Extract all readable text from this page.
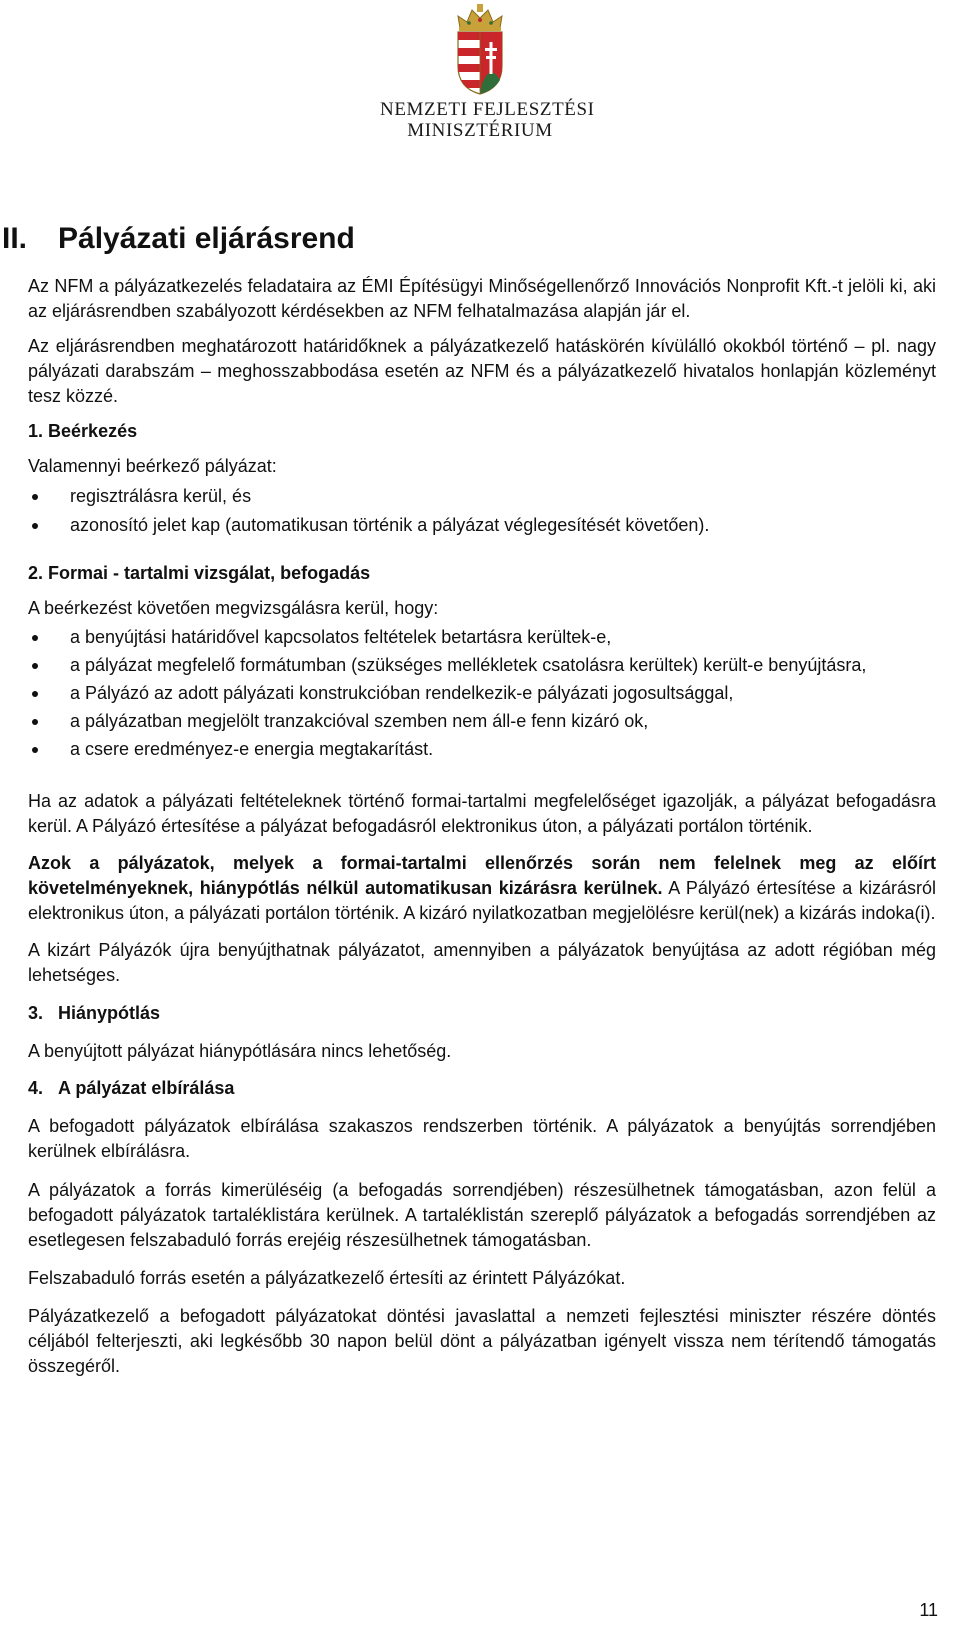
NEMZETI FEJLESZTÉSI
MINISZTÉRIUM
II. Pályázati eljárásrend

Az NFM a pályázatkezelés feladataira az ÉMI Építésügyi Minőségellenőrző Innovációs Nonprofit Kft.-t jelöli ki, aki az eljárásrendben szabályozott kérdésekben az NFM felhatalmazása alapján jár el.

Az eljárásrendben meghatározott határidőknek a pályázatkezelő hatáskörén kívülálló okokból történő – pl. nagy pályázati darabszám – meghosszabbodása esetén az NFM és a pályázatkezelő hivatalos honlapján közleményt tesz közzé.

1. Beérkezés

Valamennyi beérkező pályázat:

regisztrálásra kerül, és
azonosító jelet kap (automatikusan történik a pályázat véglegesítését követően).
2. Formai - tartalmi vizsgálat, befogadás

A beérkezést követően megvizsgálásra kerül, hogy:

a benyújtási határidővel kapcsolatos feltételek betartásra kerültek-e,
a pályázat megfelelő formátumban (szükséges mellékletek csatolásra kerültek) került-e benyújtásra,
a Pályázó az adott pályázati konstrukcióban rendelkezik-e pályázati jogosultsággal,
a pályázatban megjelölt tranzakcióval szemben nem áll-e fenn kizáró ok,
a csere eredményez-e energia megtakarítást.

Ha az adatok a pályázati feltételeknek történő formai-tartalmi megfelelőséget igazolják, a pályázat befogadásra kerül. A Pályázó értesítése a pályázat befogadásról elektronikus úton, a pályázati portálon történik.

Azok a pályázatok, melyek a formai-tartalmi ellenőrzés során nem felelnek meg az előírt követelményeknek, hiánypótlás nélkül automatikusan kizárásra kerülnek. A Pályázó értesítése a kizárásról elektronikus úton, a pályázati portálon történik. A kizáró nyilatkozatban megjelölésre kerül(nek) a kizárás indoka(i).

A kizárt Pályázók újra benyújthatnak pályázatot, amennyiben a pályázatok benyújtása az adott régióban még lehetséges.

3. Hiánypótlás

A benyújtott pályázat hiánypótlására nincs lehetőség.

4. A pályázat elbírálása

A befogadott pályázatok elbírálása szakaszos rendszerben történik. A pályázatok a benyújtás sorrendjében kerülnek elbírálásra.

A pályázatok a forrás kimerüléséig (a befogadás sorrendjében) részesülhetnek támogatásban, azon felül a befogadott pályázatok tartaléklistára kerülnek. A tartaléklistán szereplő pályázatok a befogadás sorrendjében az esetlegesen felszabaduló forrás erejéig részesülhetnek támogatásban.

Felszabaduló forrás esetén a pályázatkezelő értesíti az érintett Pályázókat.

Pályázatkezelő a befogadott pályázatokat döntési javaslattal a nemzeti fejlesztési miniszter részére döntés céljából felterjeszti, aki legkésőbb 30 napon belül dönt a pályázatban igényelt vissza nem térítendő támogatás összegéről.

11
